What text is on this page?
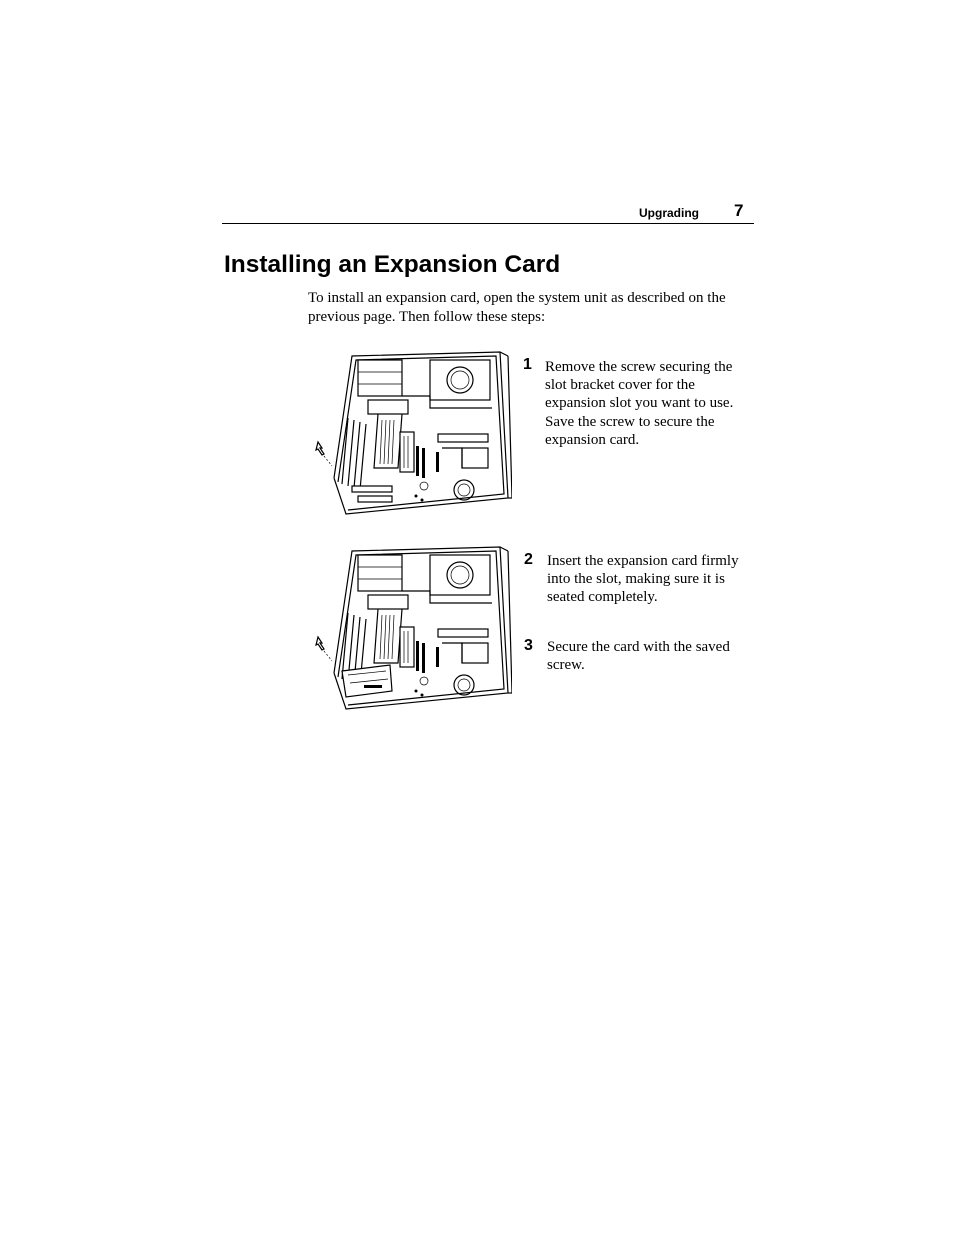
Upgrading 7
Installing an Expansion Card

To install an expansion card, open the system unit as described on the previous page. Then follow these steps:

1 Remove the screw securing the slot bracket cover for the expansion slot you want to use. Save the screw to secure the expansion card.

2 Insert the expansion card firmly into the slot, making sure it is seated completely.

3 Secure the card with the saved screw.
